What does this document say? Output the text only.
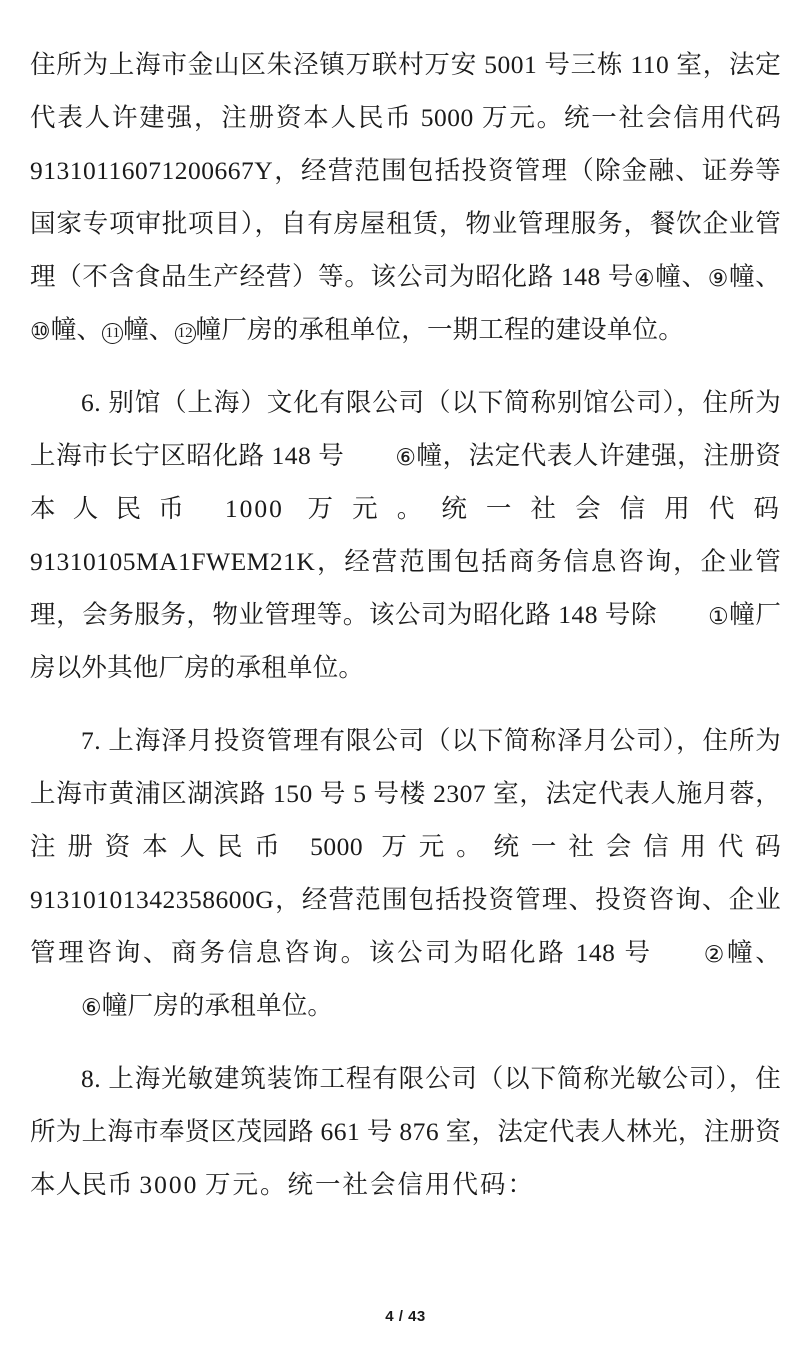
住所为上海市金山区朱泾镇万联村万安 5001 号三栋 110 室，法定代表人许建强，注册资本人民币 5000 万元。统一社会信用代码 91310116071200667Y，经营范围包括投资管理（除金融、证券等国家专项审批项目），自有房屋租赁，物业管理服务，餐饮企业管理（不含食品生产经营）等。该公司为昭化路 148 号④幢、⑨幢、⑩幢、 11 幢、 12 幢厂房的承租单位，一期工程的建设单位。

6. 别馆（上海）文化有限公司（以下简称别馆公司），住所为上海市长宁区昭化路 148 号 ⑥幢，法定代表人许建强，注册资本人民币 1000 万元。统一社会信用代码 91310105MA1FWEM21K，经营范围包括商务信息咨询，企业管理，会务服务，物业管理等。该公司为昭化路 148 号除 ①幢厂房以外其他厂房的承租单位。

7. 上海泽月投资管理有限公司（以下简称泽月公司），住所为上海市黄浦区湖滨路 150 号 5 号楼 2307 室，法定代表人施月蓉，注册资本人民币 5000 万元。统一社会信用代码 91310101342358600G，经营范围包括投资管理、投资咨询、企业管理咨询、商务信息咨询。该公司为昭化路 148 号 ②幢、⑥幢厂房的承租单位。

8. 上海光敏建筑装饰工程有限公司（以下简称光敏公司），住所为上海市奉贤区茂园路 661 号 876 室，法定代表人林光，注册资本人民币 3000 万元。统一社会信用代码：

4 / 43
